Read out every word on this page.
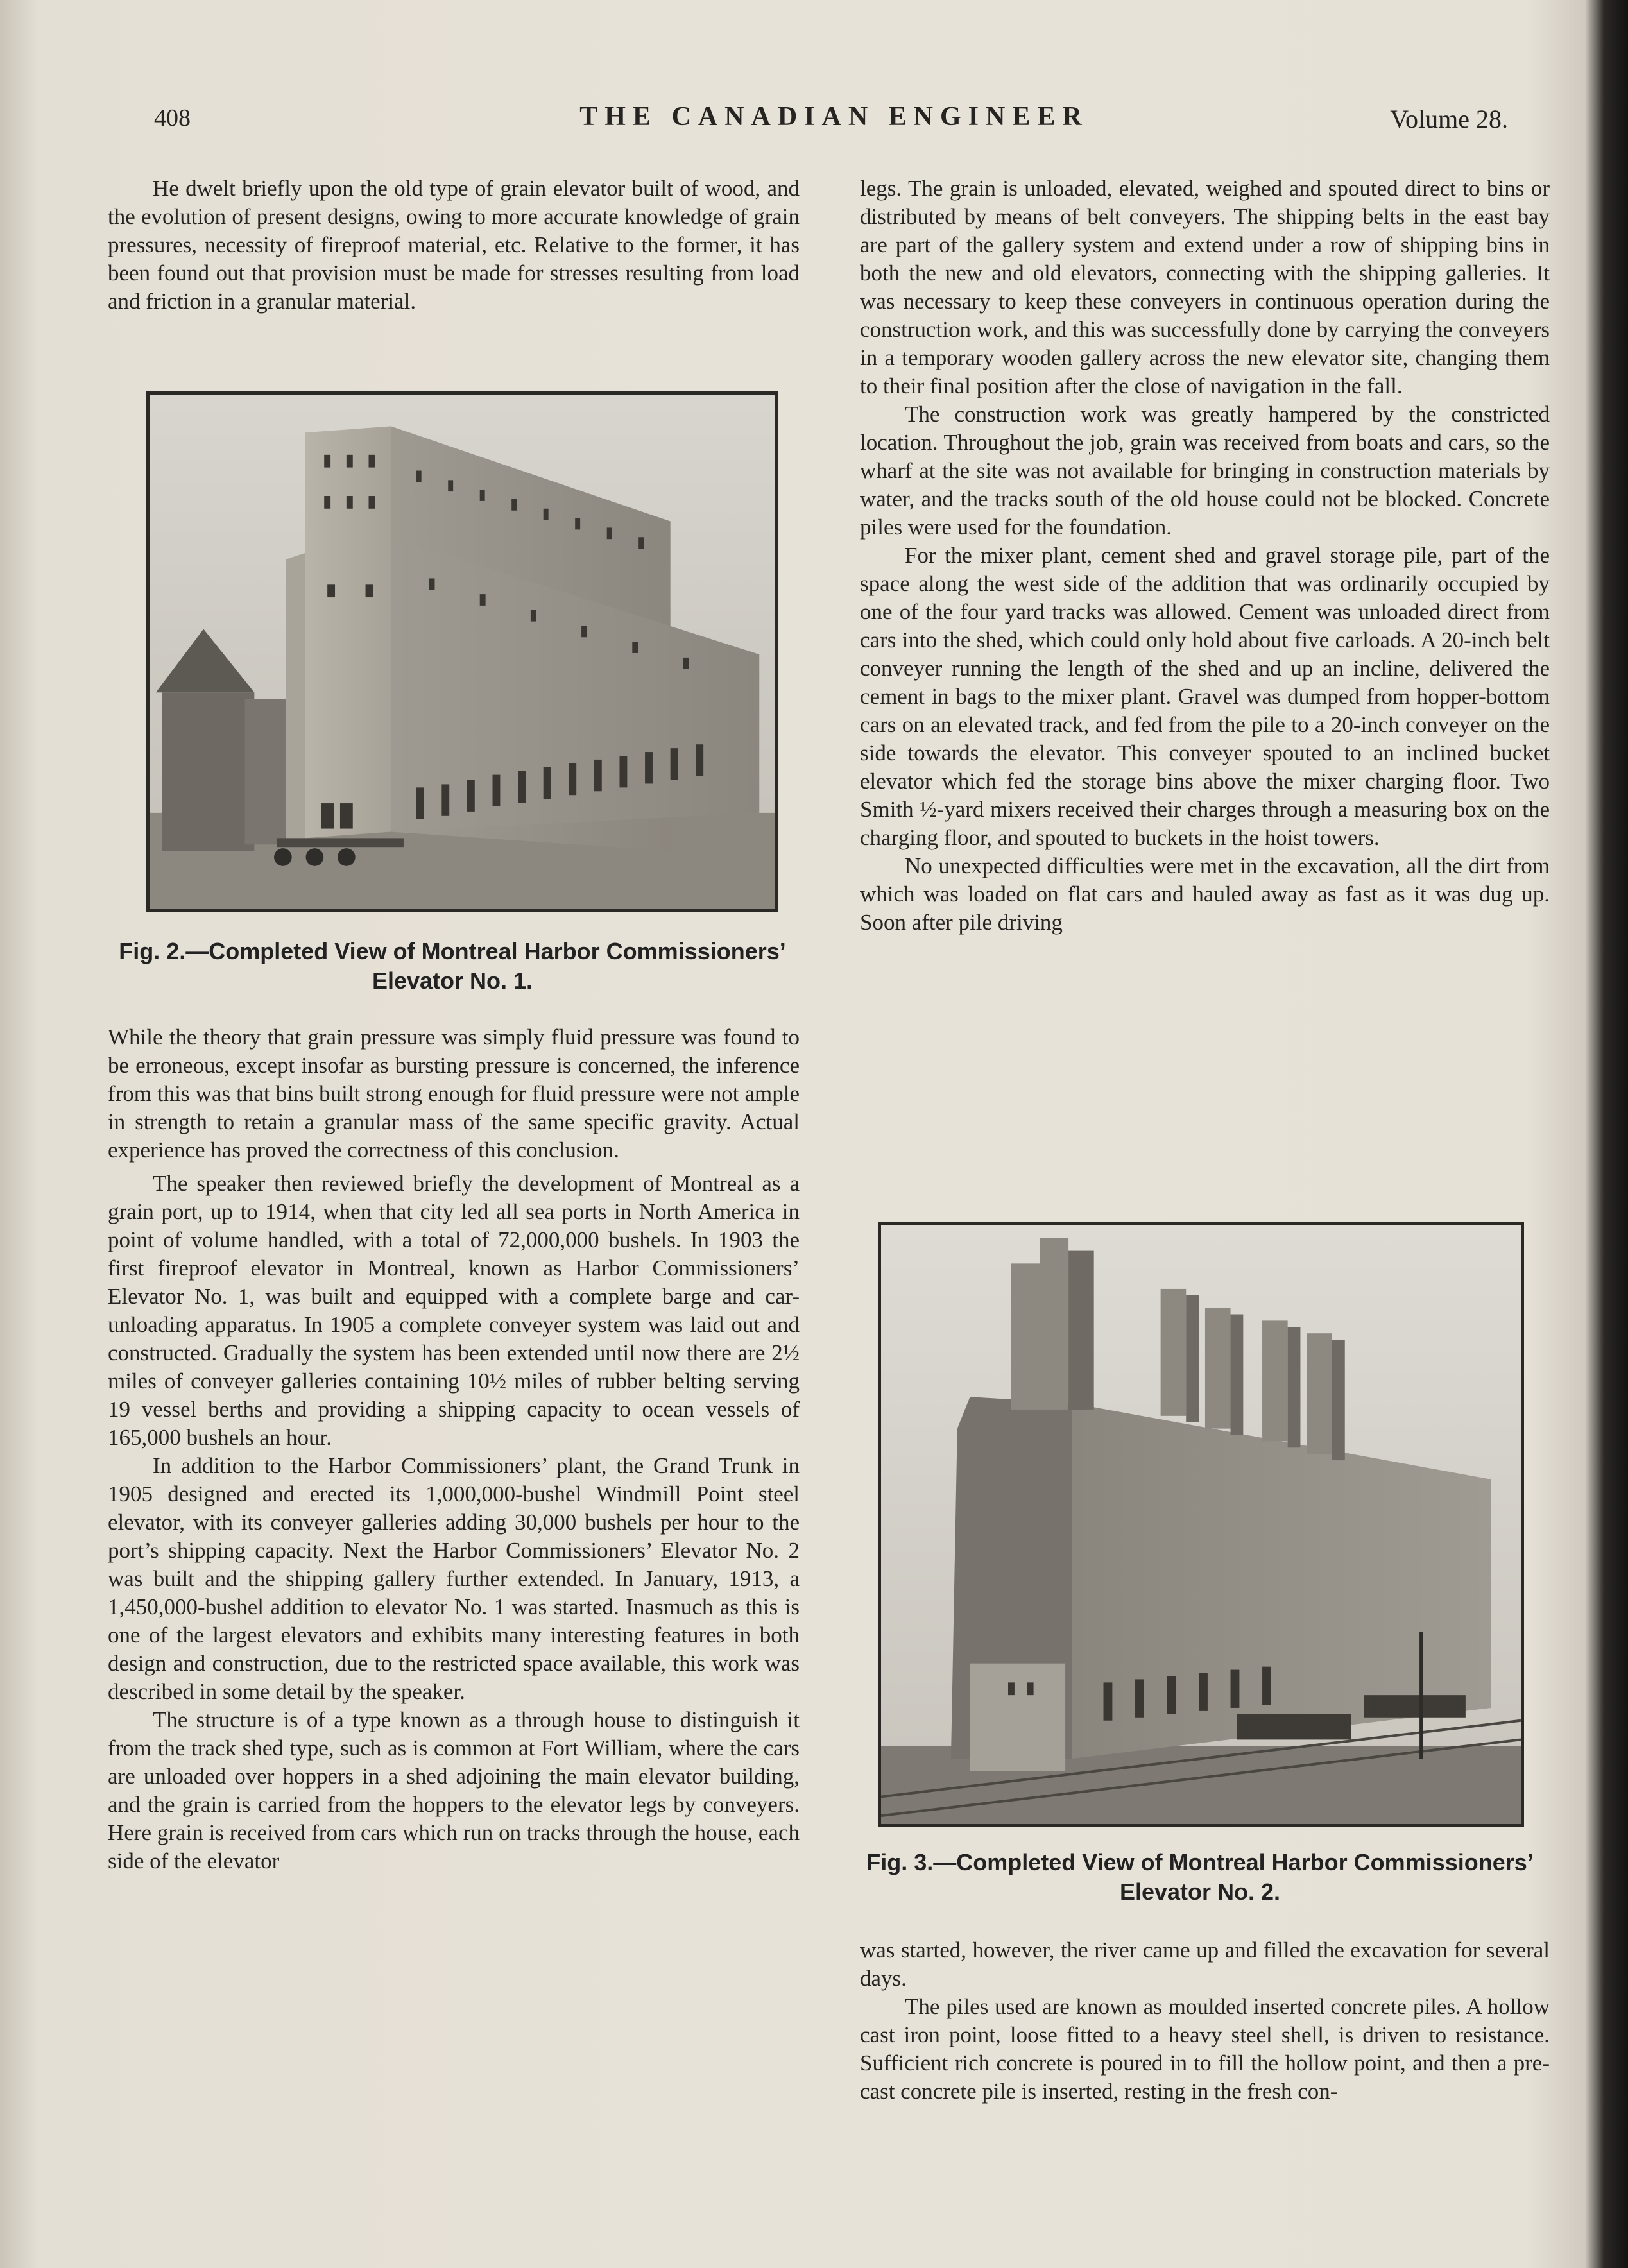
408	THE CANADIAN ENGINEER	Volume 28.

He dwelt briefly upon the old type of grain elevator built of wood, and the evolution of present designs, owing to more accurate knowledge of grain pressures, necessity of fireproof material, etc. Relative to the former, it has been found out that provision must be made for stresses resulting from load and friction in a granular material.

Fig. 2.—Completed View of Montreal Harbor Commissioners’ Elevator No. 1.

While the theory that grain pressure was simply fluid pressure was found to be erroneous, except insofar as bursting pressure is concerned, the inference from this was that bins built strong enough for fluid pressure were not ample in strength to retain a granular mass of the same specific gravity. Actual experience has proved the correctness of this conclusion.

The speaker then reviewed briefly the development of Montreal as a grain port, up to 1914, when that city led all sea ports in North America in point of volume handled, with a total of 72,000,000 bushels. In 1903 the first fireproof elevator in Montreal, known as Harbor Commissioners’ Elevator No. 1, was built and equipped with a complete barge and car-unloading apparatus. In 1905 a complete conveyer system was laid out and constructed. Gradually the system has been extended until now there are 2½ miles of conveyer galleries containing 10½ miles of rubber belting serving 19 vessel berths and providing a shipping capacity to ocean vessels of 165,000 bushels an hour.

In addition to the Harbor Commissioners’ plant, the Grand Trunk in 1905 designed and erected its 1,000,000-bushel Windmill Point steel elevator, with its conveyer galleries adding 30,000 bushels per hour to the port’s shipping capacity. Next the Harbor Commissioners’ Elevator No. 2 was built and the shipping gallery further extended. In January, 1913, a 1,450,000-bushel addition to elevator No. 1 was started. Inasmuch as this is one of the largest elevators and exhibits many interesting features in both design and construction, due to the restricted space available, this work was described in some detail by the speaker.

The structure is of a type known as a through house to distinguish it from the track shed type, such as is common at Fort William, where the cars are unloaded over hoppers in a shed adjoining the main elevator building, and the grain is carried from the hoppers to the elevator legs by conveyers. Here grain is received from cars which run on tracks through the house, each side of the elevator

legs. The grain is unloaded, elevated, weighed and spouted direct to bins or distributed by means of belt conveyers. The shipping belts in the east bay are part of the gallery system and extend under a row of shipping bins in both the new and old elevators, connecting with the shipping galleries. It was necessary to keep these conveyers in continuous operation during the construction work, and this was successfully done by carrying the conveyers in a temporary wooden gallery across the new elevator site, changing them to their final position after the close of navigation in the fall.

The construction work was greatly hampered by the constricted location. Throughout the job, grain was received from boats and cars, so the wharf at the site was not available for bringing in construction materials by water, and the tracks south of the old house could not be blocked. Concrete piles were used for the foundation.

For the mixer plant, cement shed and gravel storage pile, part of the space along the west side of the addition that was ordinarily occupied by one of the four yard tracks was allowed. Cement was unloaded direct from cars into the shed, which could only hold about five carloads. A 20-inch belt conveyer running the length of the shed and up an incline, delivered the cement in bags to the mixer plant. Gravel was dumped from hopper-bottom cars on an elevated track, and fed from the pile to a 20-inch conveyer on the side towards the elevator. This conveyer spouted to an inclined bucket elevator which fed the storage bins above the mixer charging floor. Two Smith ½-yard mixers received their charges through a measuring box on the charging floor, and spouted to buckets in the hoist towers.

No unexpected difficulties were met in the excavation, all the dirt from which was loaded on flat cars and hauled away as fast as it was dug up. Soon after pile driving

Fig. 3.—Completed View of Montreal Harbor Commissioners’ Elevator No. 2.

was started, however, the river came up and filled the excavation for several days.

The piles used are known as moulded inserted concrete piles. A hollow cast iron point, loose fitted to a heavy steel shell, is driven to resistance. Sufficient rich concrete is poured in to fill the hollow point, and then a pre-cast concrete pile is inserted, resting in the fresh con-
